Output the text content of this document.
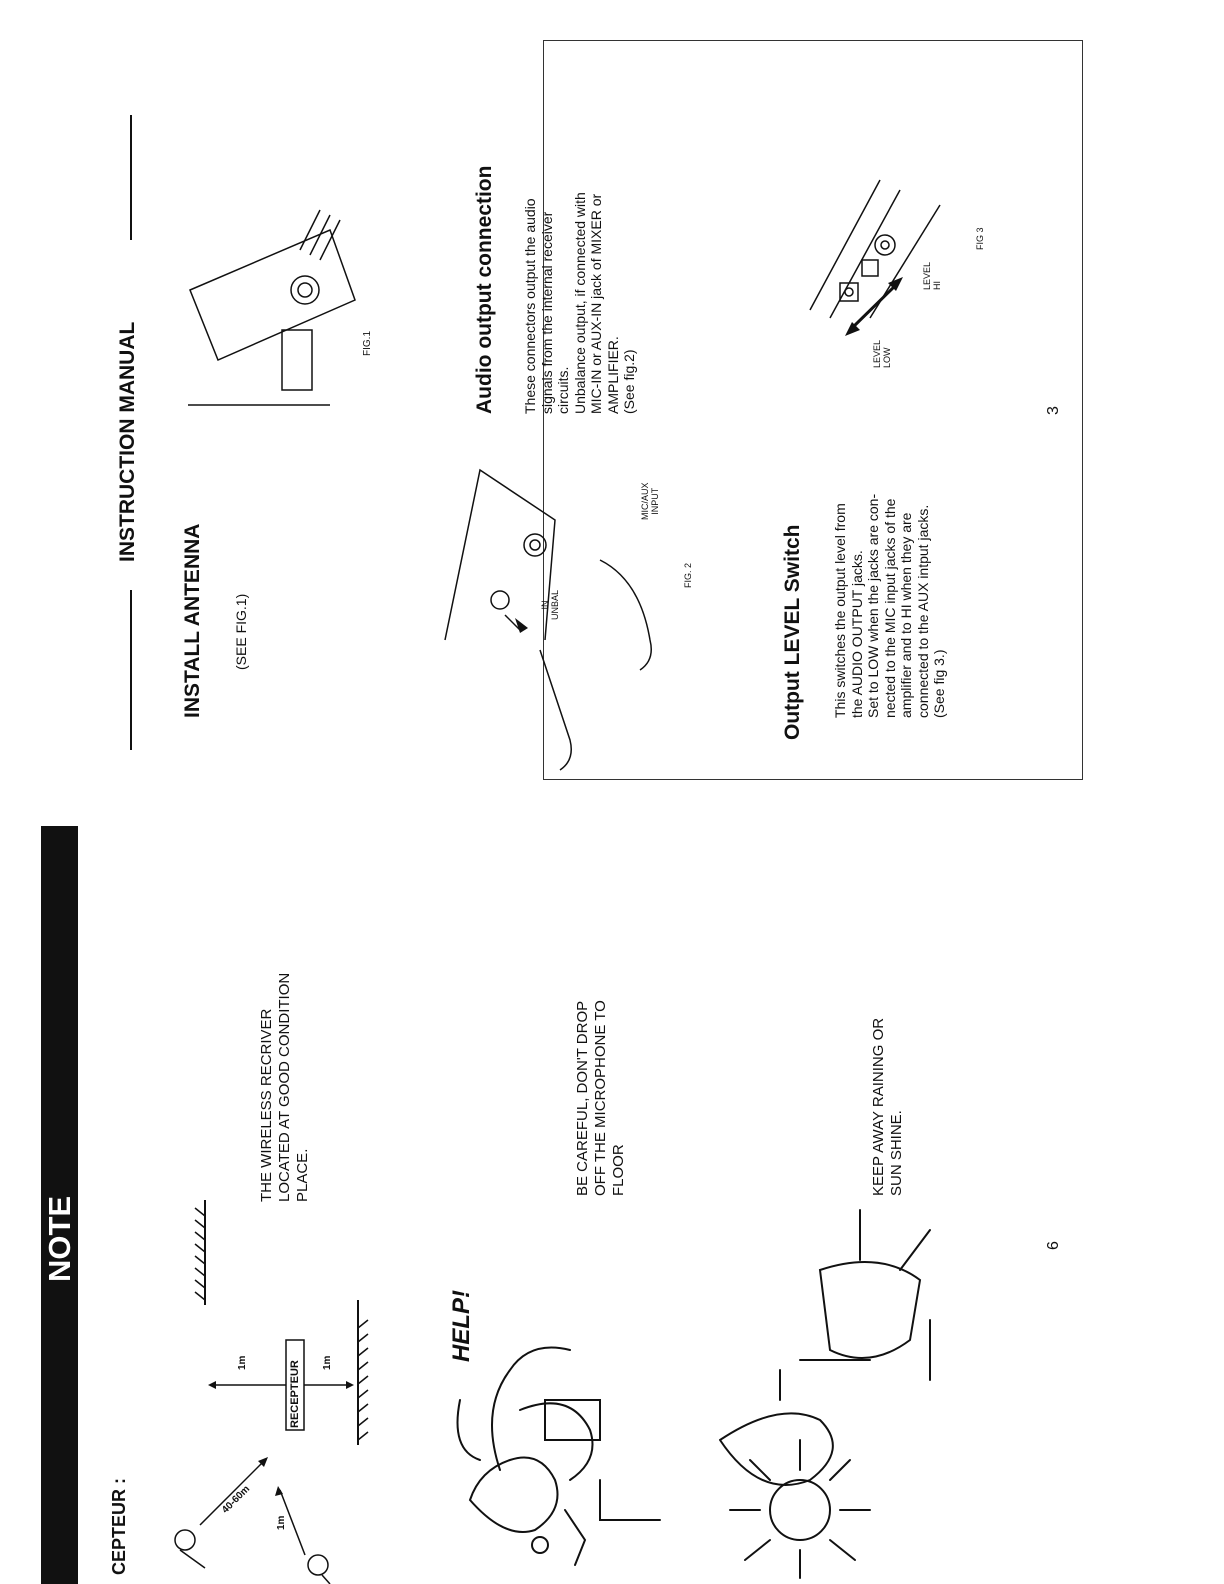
NOTE
CEPTEUR :
RECEPTEUR
40-60m
1m
1m	1m
HELP!
THE WIRELESS RECRIVER
LOCATED AT GOOD CONDITION
PLACE.	BE CAREFUL, DON'T DROP
OFF THE MICROPHONE TO
FLOOR	KEEP AWAY RAINING OR
SUN SHINE.
6
INSTRUCTION MANUAL
INSTALL ANTENNA (SEE FIG.1)
FIG.1
IN
UNBAL
MIC/AUX
INPUT
FIG. 2
Audio output connection These connectors output the audio
signals from the internal receiver
circuits.
Unbalance output, if connected with
MIC-IN or AUX-IN jack of MIXER or
AMPLIFIER.
(See fig.2)
Output LEVEL Switch This switches the output level from
the AUDIO OUTPUT jacks.
Set to LOW when the jacks are con-
nected to the MIC input jacks of the
amplifier and to HI when they are
connected to the AUX intput jacks.
(See fig 3.)
LEVEL
LOW
LEVEL
HI
FIG 3
3
